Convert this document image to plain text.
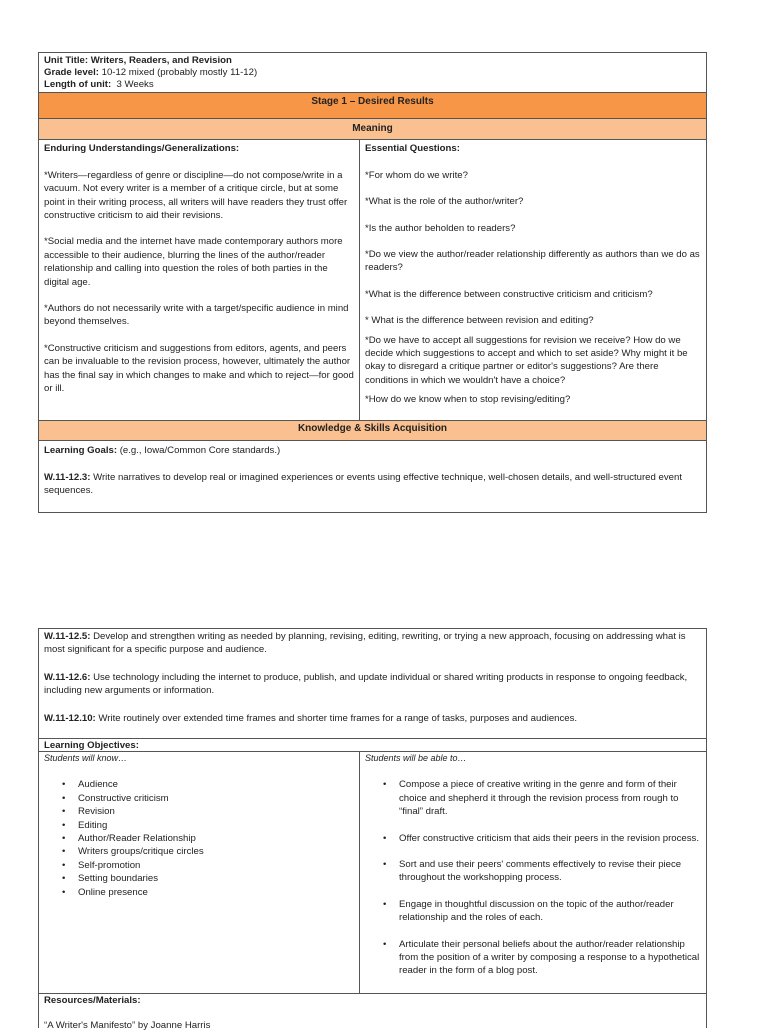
Unit Title: Writers, Readers, and Revision

Grade level: 10-12 mixed (probably mostly 11-12)

Length of unit: 3 Weeks

Stage 1 – Desired Results
Meaning

Enduring Understandings/Generalizations:

*Writers—regardless of genre or discipline—do not compose/write in a vacuum. Not every writer is a member of a critique circle, but at some point in their writing process, all writers will have readers they trust offer constructive criticism to aid their revisions.

*Social media and the internet have made contemporary authors more accessible to their audience, blurring the lines of the author/reader relationship and calling into question the roles of both parties in the digital age.

*Authors do not necessarily write with a target/specific audience in mind beyond themselves.

*Constructive criticism and suggestions from editors, agents, and peers can be invaluable to the revision process, however, ultimately the author has the final say in which changes to make and which to reject—for good or ill.

Essential Questions:

*For whom do we write?

*What is the role of the author/writer?

*Is the author beholden to readers?

*Do we view the author/reader relationship differently as authors than we do as readers?

*What is the difference between constructive criticism and criticism?

* What is the difference between revision and editing?

*Do we have to accept all suggestions for revision we receive? How do we decide which suggestions to accept and which to set aside? Why might it be okay to disregard a critique partner or editor's suggestions? Are there conditions in which we wouldn't have a choice?

*How do we know when to stop revising/editing?

Knowledge & Skills Acquisition

Learning Goals: (e.g., Iowa/Common Core standards.)

W.11-12.3: Write narratives to develop real or imagined experiences or events using effective technique, well-chosen details, and well-structured event sequences.

W.11-12.5: Develop and strengthen writing as needed by planning, revising, editing, rewriting, or trying a new approach, focusing on addressing what is most significant for a specific purpose and audience.

W.11-12.6: Use technology including the internet to produce, publish, and update individual or shared writing products in response to ongoing feedback, including new arguments or information.

W.11-12.10: Write routinely over extended time frames and shorter time frames for a range of tasks, purposes and audiences.

Learning Objectives:

Students will know…

• Audience
• Constructive criticism
• Revision
• Editing
• Author/Reader Relationship
• Writers groups/critique circles
• Self-promotion
• Setting boundaries
• Online presence

Students will be able to…

• Compose a piece of creative writing in the genre and form of their choice and shepherd it through the revision process from rough to “final” draft.
• Offer constructive criticism that aids their peers in the revision process.
• Sort and use their peers' comments effectively to revise their piece throughout the workshopping process.
• Engage in thoughtful discussion on the topic of the author/reader relationship and the roles of each.
• Articulate their personal beliefs about the author/reader relationship from the position of a writer by composing a response to a hypothetical reader in the form of a blog post.

Resources/Materials:

“A Writer's Manifesto” by Joanne Harris
